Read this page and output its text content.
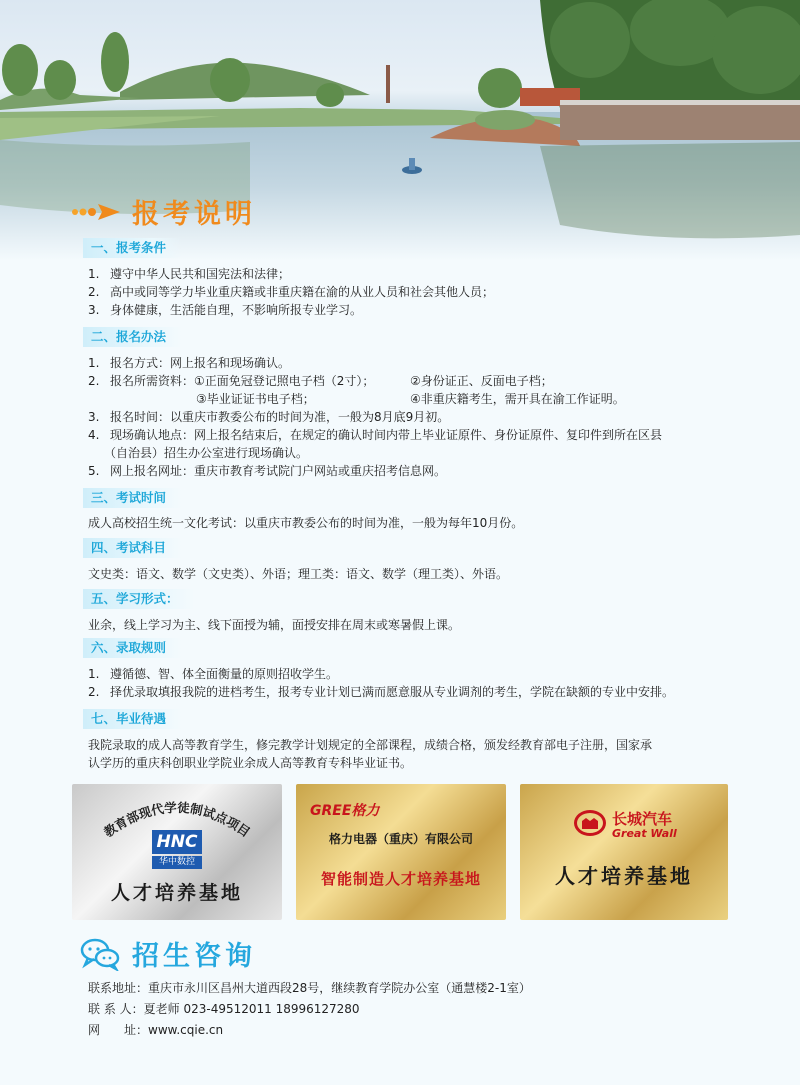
报考说明
一、报考条件
1. 遵守中华人民共和国宪法和法律；
2. 高中或同等学力毕业重庆籍或非重庆籍在渝的从业人员和社会其他人员；
3. 身体健康，生活能自理，不影响所报专业学习。
二、报名办法
1. 报名方式：网上报名和现场确认。
2. 报名所需资料：①正面免冠登记照电子档（2寸）；	②身份证正、反面电子档；
③毕业证证书电子档；	④非重庆籍考生，需开具在渝工作证明。
3. 报名时间：以重庆市教委公布的时间为准，一般为8月底9月初。
4. 现场确认地点：网上报名结束后，在规定的确认时间内带上毕业证原件、身份证原件、复印件到所在区县
（自治县）招生办公室进行现场确认。
5. 网上报名网址：重庆市教育考试院门户网站或重庆招考信息网。
三、考试时间
成人高校招生统一文化考试：以重庆市教委公布的时间为准，一般为每年10月份。
四、考试科目
文史类：语文、数学（文史类）、外语；理工类：语文、数学（理工类）、外语。
五、学习形式：
业余，线上学习为主、线下面授为辅，面授安排在周末或寒暑假上课。
六、录取规则
1. 遵循德、智、体全面衡量的原则招收学生。
2. 择优录取填报我院的进档考生，报考专业计划已满而愿意服从专业调剂的考生，学院在缺额的专业中安排。
七、毕业待遇
我院录取的成人高等教育学生，修完教学计划规定的全部课程，成绩合格，颁发经教育部电子注册，国家承
认学历的重庆科创职业学院业余成人高等教育专科毕业证书。
教育部现代学徒制试点项目
HNC
华中数控
人才培养基地
GREE格力
格力电器（重庆）有限公司
智能制造人才培养基地
长城汽车
Great Wall
人才培养基地
招生咨询
联系地址：重庆市永川区昌州大道西段28号，继续教育学院办公室（通慧楼2-1室）
联 系 人：夏老师 023-49512011 18996127280
网　　址：www.cqie.cn
